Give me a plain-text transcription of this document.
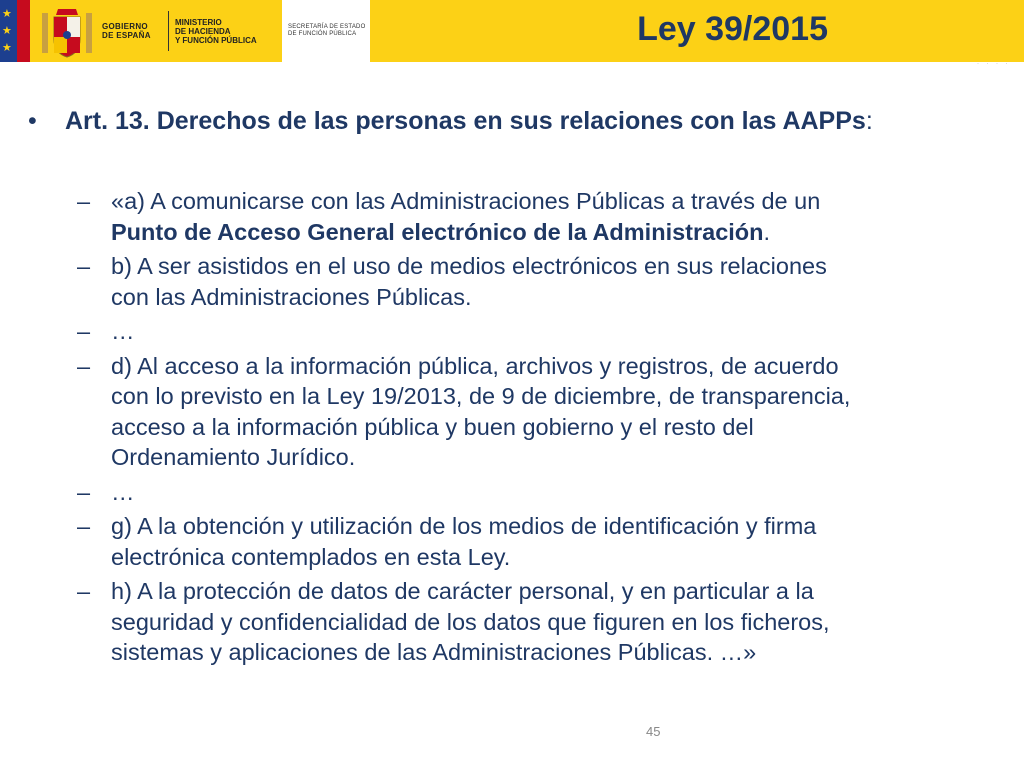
★
★
★
GOBIERNO
DE ESPAÑA
MINISTERIO
DE HACIENDA
Y FUNCIÓN PÚBLICA
SECRETARÍA DE ESTADO
DE FUNCIÓN PÚBLICA	Ley 39/2015
· · · ·
• Art. 13. Derechos de las personas en sus relaciones con las AAPPs:
– «a) A comunicarse con las Administraciones Públicas a través de un
Punto de Acceso General electrónico de la Administración.
– b) A ser asistidos en el uso de medios electrónicos en sus relaciones
con las Administraciones Públicas.
– …
– d) Al acceso a la información pública, archivos y registros, de acuerdo
con lo previsto en la Ley 19/2013, de 9 de diciembre, de transparencia,
acceso a la información pública y buen gobierno y el resto del
Ordenamiento Jurídico.
– …
– g) A la obtención y utilización de los medios de identificación y firma
electrónica contemplados en esta Ley.
– h) A la protección de datos de carácter personal, y en particular a la
seguridad y confidencialidad de los datos que figuren en los ficheros,
sistemas y aplicaciones de las Administraciones Públicas. …»
45
